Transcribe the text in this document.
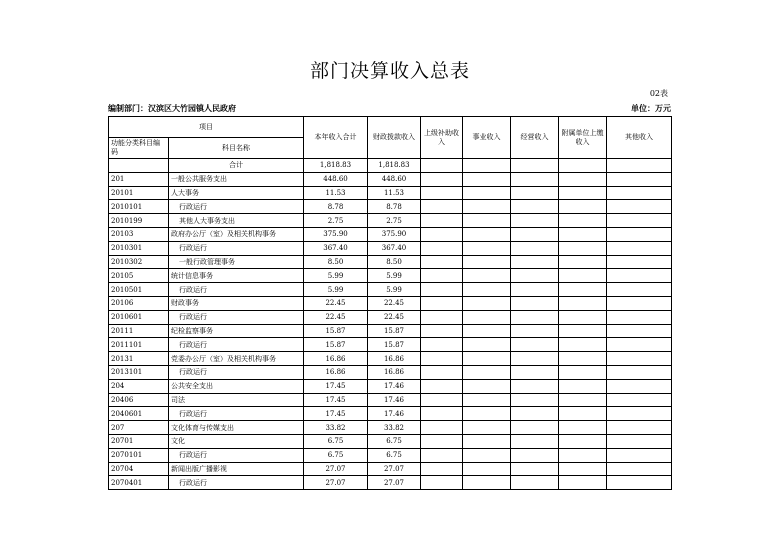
部门决算收入总表
02表
编制部门：汉滨区大竹园镇人民政府	单位：万元
项目		本年收入合计	财政拨款收入	上级补助收入	事业收入	经营收入	附属单位上缴收入	其他收入
功能分类科目编码	科目名称							
	合计	1,818.83	1,818.83					
201	一般公共服务支出	448.60	448.60					
20101	人大事务	11.53	11.53					
2010101	行政运行	8.78	8.78					
2010199	其他人大事务支出	2.75	2.75					
20103	政府办公厅（室）及相关机构事务	375.90	375.90					
2010301	行政运行	367.40	367.40					
2010302	一般行政管理事务	8.50	8.50					
20105	统计信息事务	5.99	5.99					
2010501	行政运行	5.99	5.99					
20106	财政事务	22.45	22.45					
2010601	行政运行	22.45	22.45					
20111	纪检监察事务	15.87	15.87					
2011101	行政运行	15.87	15.87					
20131	党委办公厅（室）及相关机构事务	16.86	16.86					
2013101	行政运行	16.86	16.86					
204	公共安全支出	17.45	17.46					
20406	司法	17.45	17.46					
2040601	行政运行	17.45	17.46					
207	文化体育与传媒支出	33.82	33.82					
20701	文化	6.75	6.75					
2070101	行政运行	6.75	6.75					
20704	新闻出版广播影视	27.07	27.07					
2070401	行政运行	27.07	27.07					
